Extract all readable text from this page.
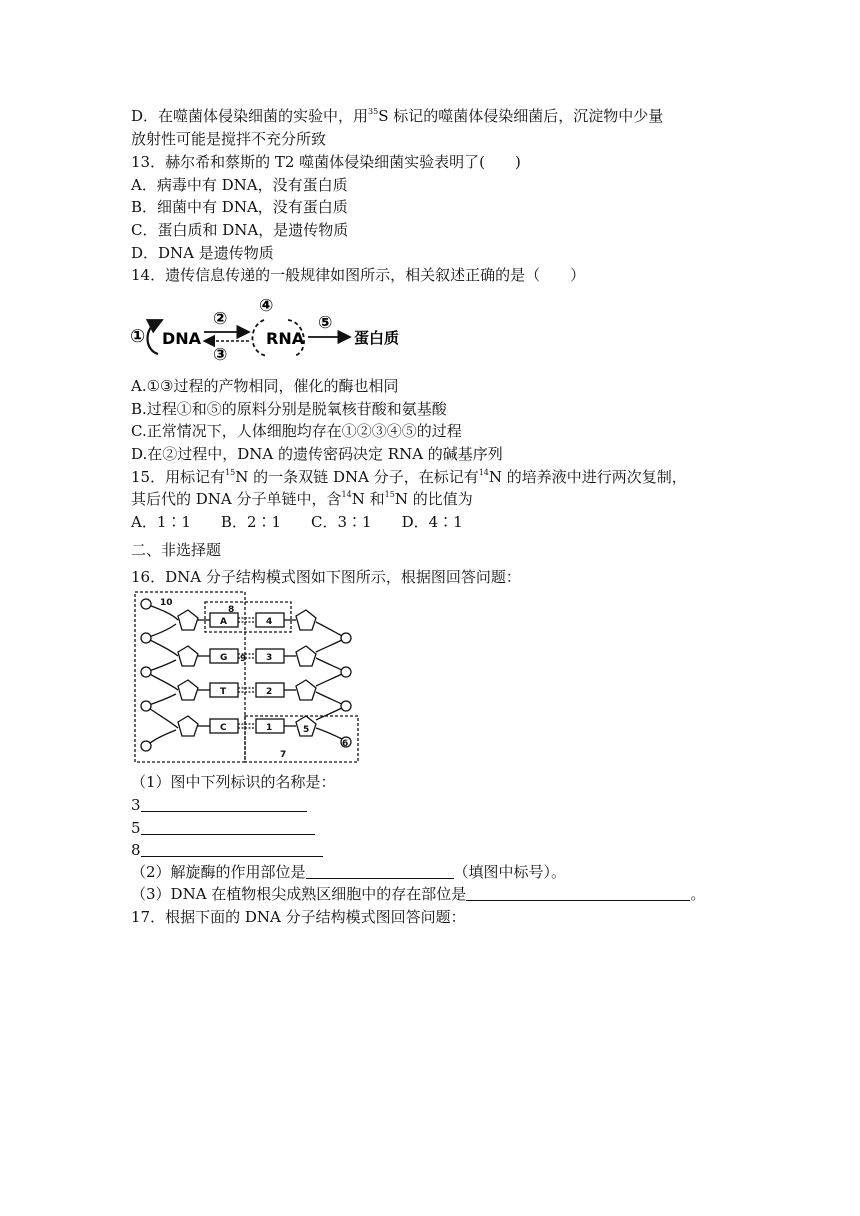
D．在噬菌体侵染细菌的实验中，用$^{35}$S 标记的噬菌体侵染细菌后，沉淀物中少量
放射性可能是搅拌不充分所致
13．赫尔希和蔡斯的 T2 噬菌体侵染细菌实验表明了(　　)
A．病毒中有 DNA，没有蛋白质
B．细菌中有 DNA，没有蛋白质
C．蛋白质和 DNA，是遗传物质
D．DNA 是遗传物质
14．遗传信息传递的一般规律如图所示，相关叙述正确的是（　　）
① DNA
②
③
④
RNA
⑤
蛋白质
A.①③过程的产物相同，催化的酶也相同
B.过程①和⑤的原料分别是脱氧核苷酸和氨基酸
C.正常情况下，人体细胞均存在①②③④⑤的过程
D.在②过程中，DNA 的遗传密码决定 RNA 的碱基序列
15．用标记有$^{15}$N 的一条双链 DNA 分子，在标记有$^{14}$N 的培养液中进行两次复制，
其后代的 DNA 分子单链中，含$^{14}$N 和$^{15}$N 的比值为
A．1∶1　　B．2∶1　　C．3∶1　　D．4∶1
二、非选择题
16．DNA 分子结构模式图如下图所示，根据图回答问题：
10
8
9
7
5
6
A
G
T
C
4
3
2
1
（1）图中下列标识的名称是：
3
5
8
（2）解旋酶的作用部位是	（填图中标号）。
（3）DNA 在植物根尖成熟区细胞中的存在部位是	。
17．根据下面的 DNA 分子结构模式图回答问题：
